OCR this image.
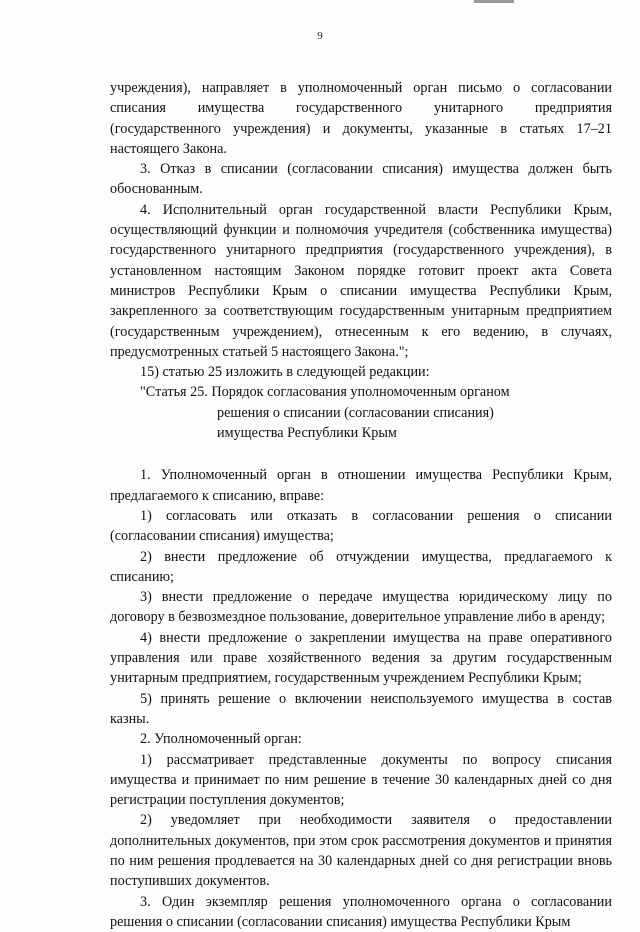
9

учреждения), направляет в уполномоченный орган письмо о согласовании списания имущества государственного унитарного предприятия (государственного учреждения) и документы, указанные в статьях 17–21 настоящего Закона.

3. Отказ в списании (согласовании списания) имущества должен быть обоснованным.

4. Исполнительный орган государственной власти Республики Крым, осуществляющий функции и полномочия учредителя (собственника имущества) государственного унитарного предприятия (государственного учреждения), в установленном настоящим Законом порядке готовит проект акта Совета министров Республики Крым о списании имущества Республики Крым, закрепленного за соответствующим государственным унитарным предприятием (государственным учреждением), отнесенным к его ведению, в случаях, предусмотренных статьей 5 настоящего Закона.";

15) статью 25 изложить в следующей редакции:

"Статья 25. Порядок согласования уполномоченным органом
решения о списании (согласовании списания)
имущества Республики Крым

1. Уполномоченный орган в отношении имущества Республики Крым, предлагаемого к списанию, вправе:

1) согласовать или отказать в согласовании решения о списании (согласовании списания) имущества;

2) внести предложение об отчуждении имущества, предлагаемого к списанию;

3) внести предложение о передаче имущества юридическому лицу по договору в безвозмездное пользование, доверительное управление либо в аренду;

4) внести предложение о закреплении имущества на праве оперативного управления или праве хозяйственного ведения за другим государственным унитарным предприятием, государственным учреждением Республики Крым;

5) принять решение о включении неиспользуемого имущества в состав казны.

2. Уполномоченный орган:

1) рассматривает представленные документы по вопросу списания имущества и принимает по ним решение в течение 30 календарных дней со дня регистрации поступления документов;

2) уведомляет при необходимости заявителя о предоставлении дополнительных документов, при этом срок рассмотрения документов и принятия по ним решения продлевается на 30 календарных дней со дня регистрации вновь поступивших документов.

3. Один экземпляр решения уполномоченного органа о согласовании решения о списании (согласовании списания) имущества Республики Крым
